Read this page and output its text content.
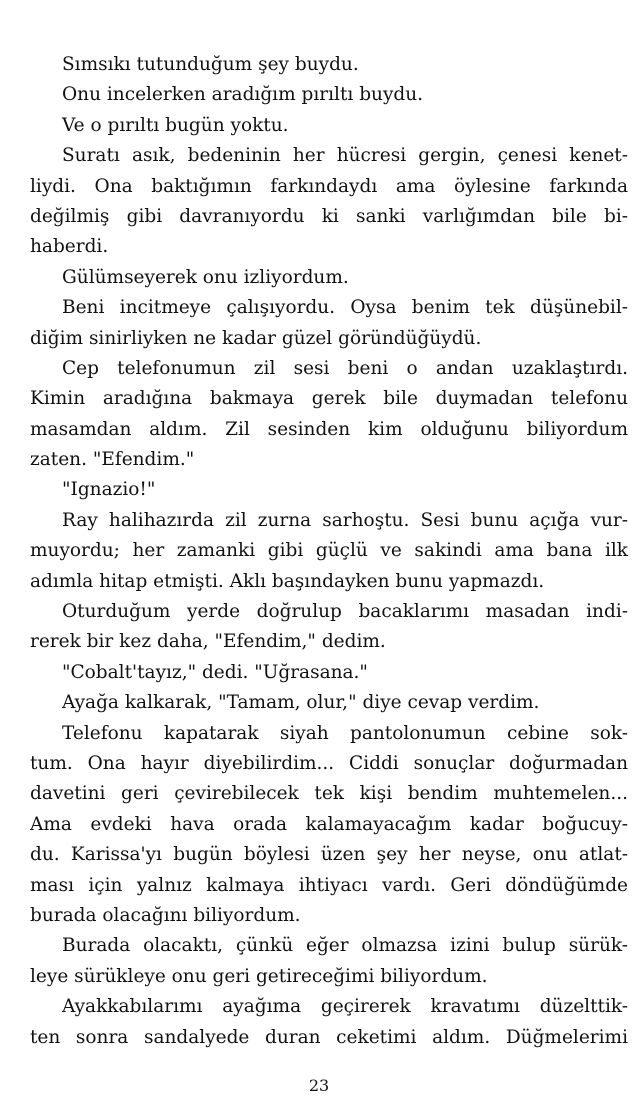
Sımsıkı tutunduğum şey buydu.
Onu incelerken aradığım pırıltı buydu.
Ve o pırıltı bugün yoktu.
Suratı asık, bedeninin her hücresi gergin, çenesi kenet-
liydi. Ona baktığımın farkındaydı ama öylesine farkında
değilmiş gibi davranıyordu ki sanki varlığımdan bile bi-
haberdi.
Gülümseyerek onu izliyordum.
Beni incitmeye çalışıyordu. Oysa benim tek düşünebil-
diğim sinirliyken ne kadar güzel göründüğüydü.
Cep telefonumun zil sesi beni o andan uzaklaştırdı.
Kimin aradığına bakmaya gerek bile duymadan telefonu
masamdan aldım. Zil sesinden kim olduğunu biliyordum
zaten. "Efendim."
"Ignazio!"
Ray halihazırda zil zurna sarhoştu. Sesi bunu açığa vur-
muyordu; her zamanki gibi güçlü ve sakindi ama bana ilk
adımla hitap etmişti. Aklı başındayken bunu yapmazdı.
Oturduğum yerde doğrulup bacaklarımı masadan indi-
rerek bir kez daha, "Efendim," dedim.
"Cobalt'tayız," dedi. "Uğrasana."
Ayağa kalkarak, "Tamam, olur," diye cevap verdim.
Telefonu kapatarak siyah pantolonumun cebine sok-
tum. Ona hayır diyebilirdim... Ciddi sonuçlar doğurmadan
davetini geri çevirebilecek tek kişi bendim muhtemelen...
Ama evdeki hava orada kalamayacağım kadar boğucuy-
du. Karissa'yı bugün böylesi üzen şey her neyse, onu atlat-
ması için yalnız kalmaya ihtiyacı vardı. Geri döndüğümde
burada olacağını biliyordum.
Burada olacaktı, çünkü eğer olmazsa izini bulup sürük-
leye sürükleye onu geri getireceğimi biliyordum.
Ayakkabılarımı ayağıma geçirerek kravatımı düzelttik-
ten sonra sandalyede duran ceketimi aldım. Düğmelerimi
23
